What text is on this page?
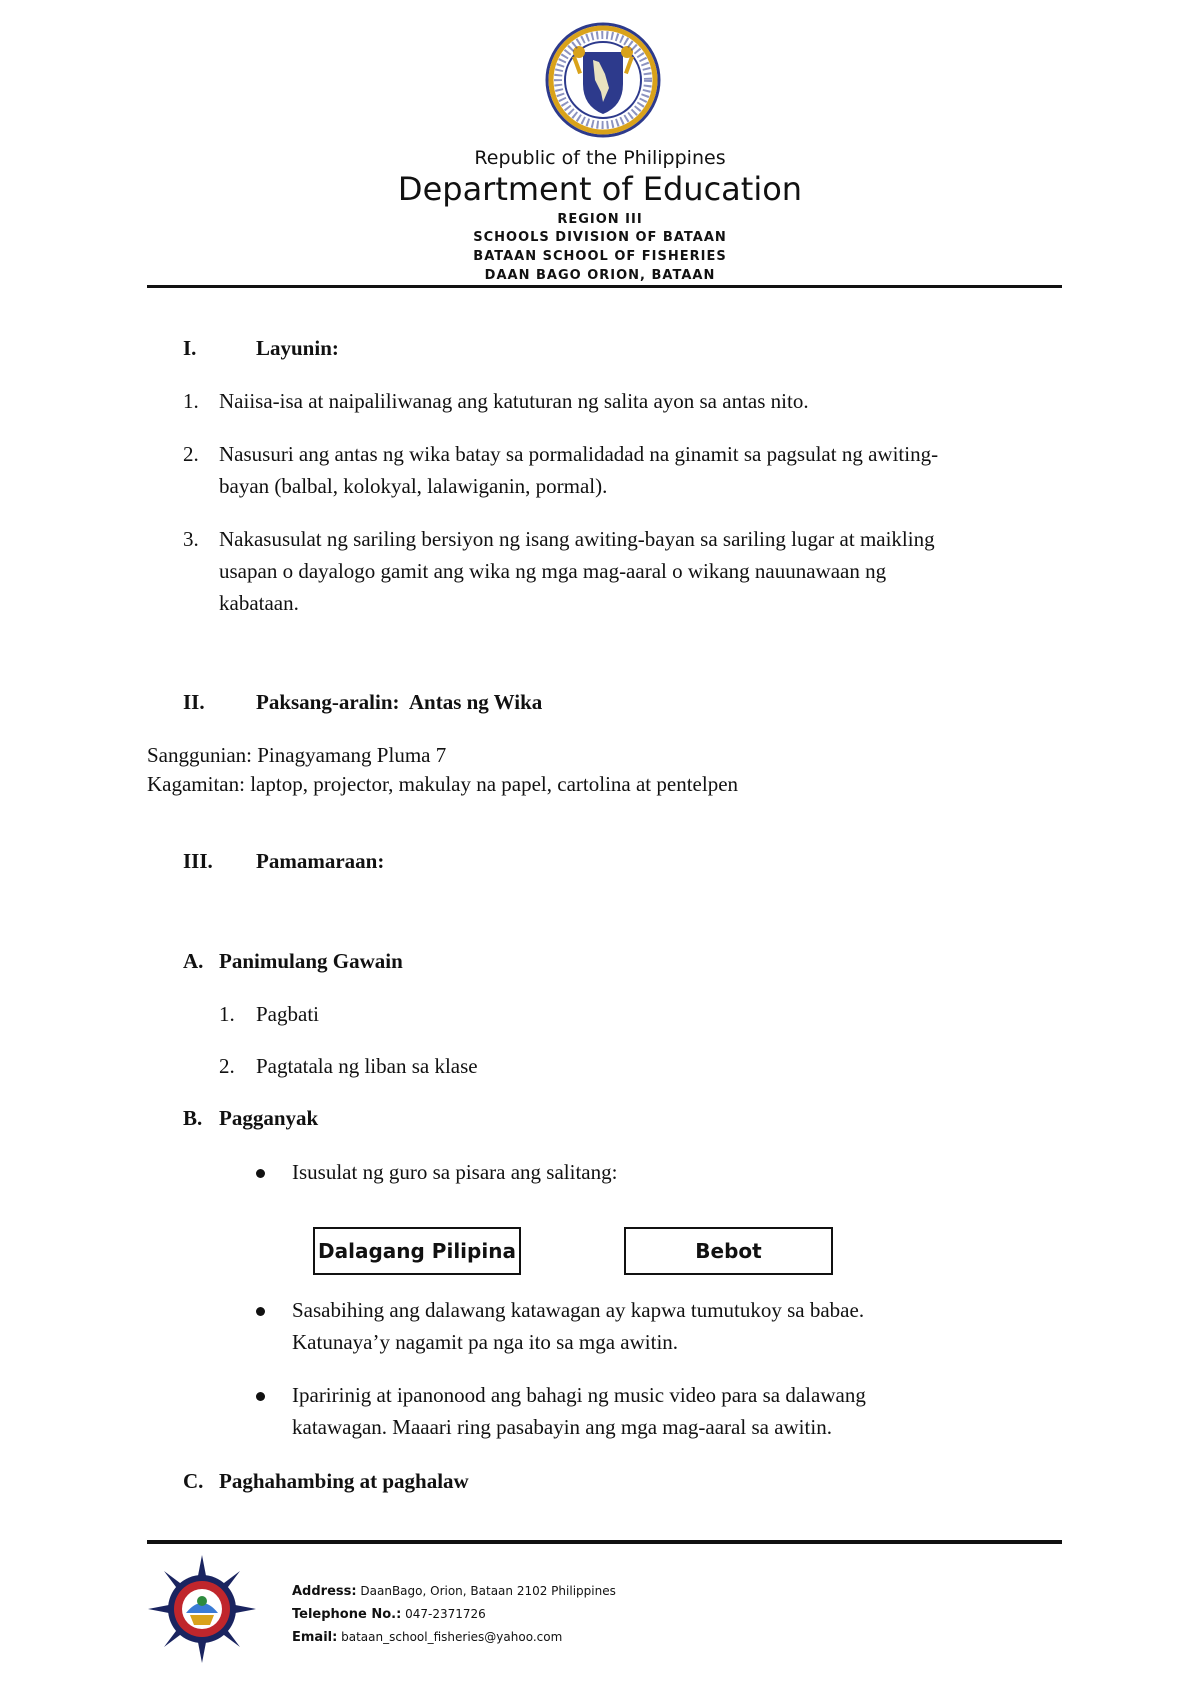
Republic of the Philippines
Department of Education
REGION III
SCHOOLS DIVISION OF BATAAN
BATAAN SCHOOL OF FISHERIES
DAAN BAGO ORION, BATAAN
I.	Layunin:
1. Naiisa-isa at naipaliliwanag ang katuturan ng salita ayon sa antas nito.
2. Nasusuri ang antas ng wika batay sa pormalidadad na ginamit sa pagsulat ng awiting-
bayan (balbal, kolokyal, lalawiganin, pormal).
3. Nakasusulat ng sariling bersiyon ng isang awiting-bayan sa sariling lugar at maikling
usapan o dayalogo gamit ang wika ng mga mag-aaral o wikang nauunawaan ng
kabataan.
II. Paksang-aralin:  Antas ng Wika
Sanggunian: Pinagyamang Pluma 7
Kagamitan: laptop, projector, makulay na papel, cartolina at pentelpen
III. Pamamaraan:
A. Panimulang Gawain
1. Pagbati
2. Pagtatala ng liban sa klase
B. Pagganyak
Isusulat ng guro sa pisara ang salitang:
Dalagang Pilipina	Bebot
Sasabihing ang dalawang katawagan ay kapwa tumutukoy sa babae.
Katunaya’y nagamit pa nga ito sa mga awitin.
Iparirinig at ipanonood ang bahagi ng music video para sa dalawang
katawagan. Maaari ring pasabayin ang mga mag-aaral sa awitin.
C. Paghahambing at paghalaw
Address: DaanBago, Orion, Bataan 2102 Philippines
Telephone No.: 047-2371726
Email: bataan_school_fisheries@yahoo.com
